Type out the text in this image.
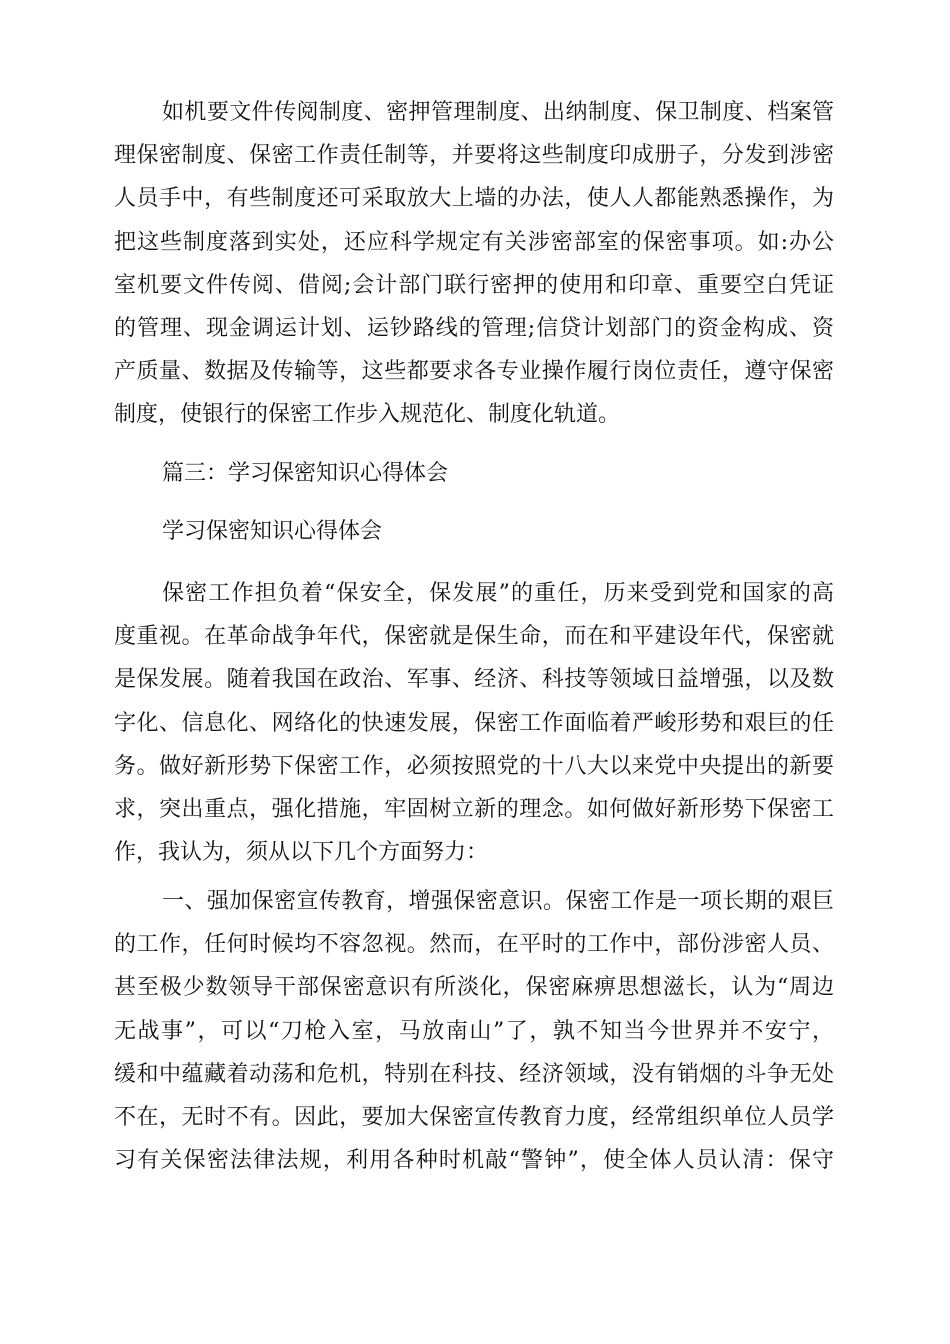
如机要文件传阅制度、密押管理制度、出纳制度、保卫制度、档案管
理保密制度、保密工作责任制等，并要将这些制度印成册子，分发到涉密
人员手中，有些制度还可采取放大上墙的办法，使人人都能熟悉操作，为
把这些制度落到实处，还应科学规定有关涉密部室的保密事项。如:办公
室机要文件传阅、借阅;会计部门联行密押的使用和印章、重要空白凭证
的管理、现金调运计划、运钞路线的管理;信贷计划部门的资金构成、资
产质量、数据及传输等，这些都要求各专业操作履行岗位责任，遵守保密
制度，使银行的保密工作步入规范化、制度化轨道。
篇三：学习保密知识心得体会
学习保密知识心得体会
保密工作担负着“保安全，保发展”的重任，历来受到党和国家的高
度重视。在革命战争年代，保密就是保生命，而在和平建设年代，保密就
是保发展。随着我国在政治、军事、经济、科技等领域日益增强，以及数
字化、信息化、网络化的快速发展，保密工作面临着严峻形势和艰巨的任
务。做好新形势下保密工作，必须按照党的十八大以来党中央提出的新要
求，突出重点，强化措施，牢固树立新的理念。如何做好新形势下保密工
作，我认为，须从以下几个方面努力：
一、强加保密宣传教育，增强保密意识。保密工作是一项长期的艰巨
的工作，任何时候均不容忽视。然而，在平时的工作中，部份涉密人员、
甚至极少数领导干部保密意识有所淡化，保密麻痹思想滋长，认为“周边
无战事”，可以“刀枪入室，马放南山”了，孰不知当今世界并不安宁，
缓和中蕴藏着动荡和危机，特别在科技、经济领域，没有销烟的斗争无处
不在，无时不有。因此，要加大保密宣传教育力度，经常组织单位人员学
习有关保密法律法规，利用各种时机敲“警钟”，使全体人员认清：保守
